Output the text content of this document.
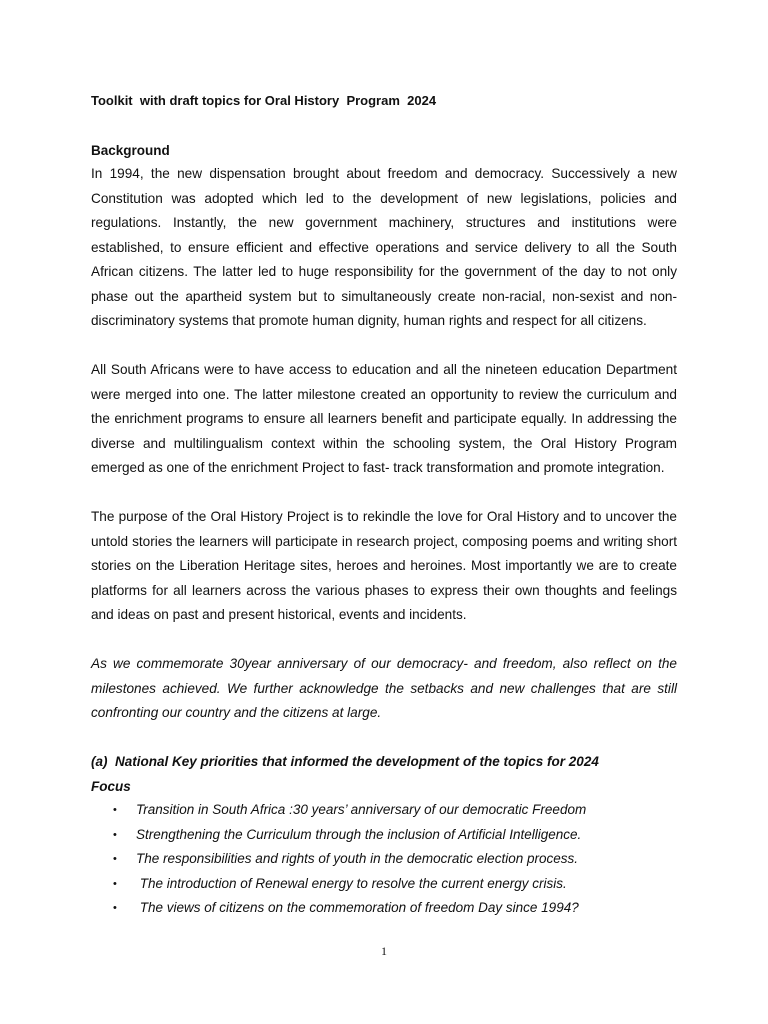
Toolkit  with draft topics for Oral History  Program  2024
Background

In 1994, the new dispensation brought about freedom and democracy. Successively a new Constitution was adopted which led to the development of new legislations, policies and regulations. Instantly, the new government machinery, structures and institutions were established, to ensure efficient and effective operations and service delivery to all the South African citizens. The latter led to huge responsibility for the government of the day to not only phase out the apartheid system but to simultaneously create non-racial, non-sexist and non-discriminatory systems that promote human dignity, human rights and respect for all citizens.

All South Africans were to have access to education and all the nineteen education Department were merged into one. The latter milestone created an opportunity to review the curriculum and the enrichment programs to ensure all learners benefit and participate equally. In addressing the diverse and multilingualism context within the schooling system, the Oral History Program emerged as one of the enrichment Project to fast- track transformation and promote integration.

The purpose of the Oral History Project is to rekindle the love for Oral History and to uncover the untold stories the learners will participate in research project, composing poems and writing short stories on the Liberation Heritage sites, heroes and heroines. Most importantly we are to create platforms for all learners across the various phases to express their own thoughts and feelings and ideas on past and present historical, events and incidents.

As we commemorate 30year anniversary of our democracy- and freedom, also reflect on the milestones achieved. We further acknowledge the setbacks and new challenges that are still confronting our country and the citizens at large.

(a)  National Key priorities that informed the development of the topics for 2024
Focus

•

Transition in South Africa :30 years’ anniversary of our democratic Freedom

•

Strengthening the Curriculum through the inclusion of Artificial Intelligence.

•

The responsibilities and rights of youth in the democratic election process.

•

The introduction of Renewal energy to resolve the current energy crisis.

•

The views of citizens on the commemoration of freedom Day since 1994?

1
